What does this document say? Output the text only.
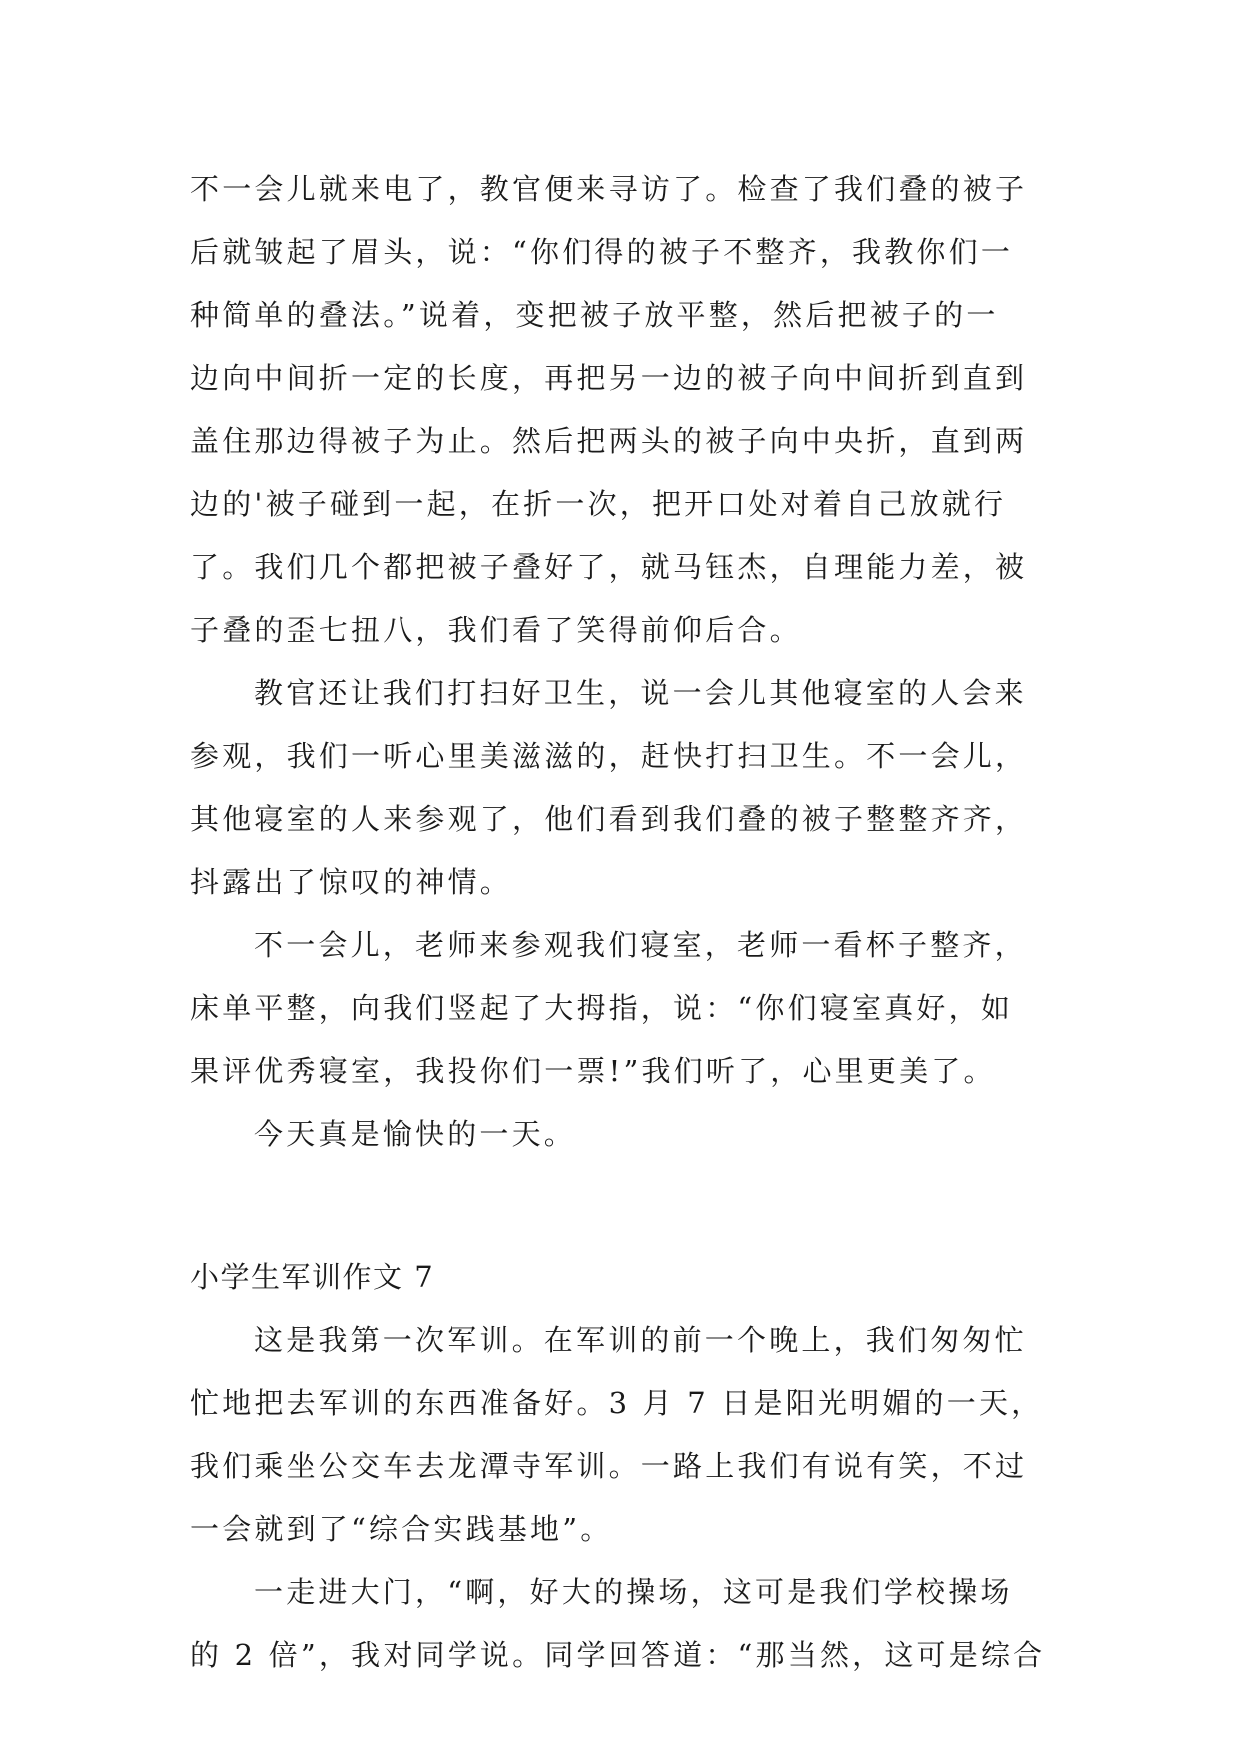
不一会儿就来电了，教官便来寻访了。检查了我们叠的被子
后就皱起了眉头，说：“你们得的被子不整齐，我教你们一
种简单的叠法。”说着，变把被子放平整，然后把被子的一
边向中间折一定的长度，再把另一边的被子向中间折到直到
盖住那边得被子为止。然后把两头的被子向中央折，直到两
边的'被子碰到一起，在折一次，把开口处对着自己放就行
了。我们几个都把被子叠好了，就马钰杰，自理能力差，被
子叠的歪七扭八，我们看了笑得前仰后合。
教官还让我们打扫好卫生，说一会儿其他寝室的人会来
参观，我们一听心里美滋滋的，赶快打扫卫生。不一会儿，
其他寝室的人来参观了，他们看到我们叠的被子整整齐齐，
抖露出了惊叹的神情。
不一会儿，老师来参观我们寝室，老师一看杯子整齐，
床单平整，向我们竖起了大拇指，说：“你们寝室真好，如
果评优秀寝室，我投你们一票!”我们听了，心里更美了。
今天真是愉快的一天。
小学生军训作文 7
这是我第一次军训。在军训的前一个晚上，我们匆匆忙
忙地把去军训的东西准备好。3 月 7 日是阳光明媚的一天，
我们乘坐公交车去龙潭寺军训。一路上我们有说有笑，不过
一会就到了“综合实践基地”。
一走进大门，“啊，好大的操场，这可是我们学校操场
的 2 倍”，我对同学说。同学回答道：“那当然，这可是综合
